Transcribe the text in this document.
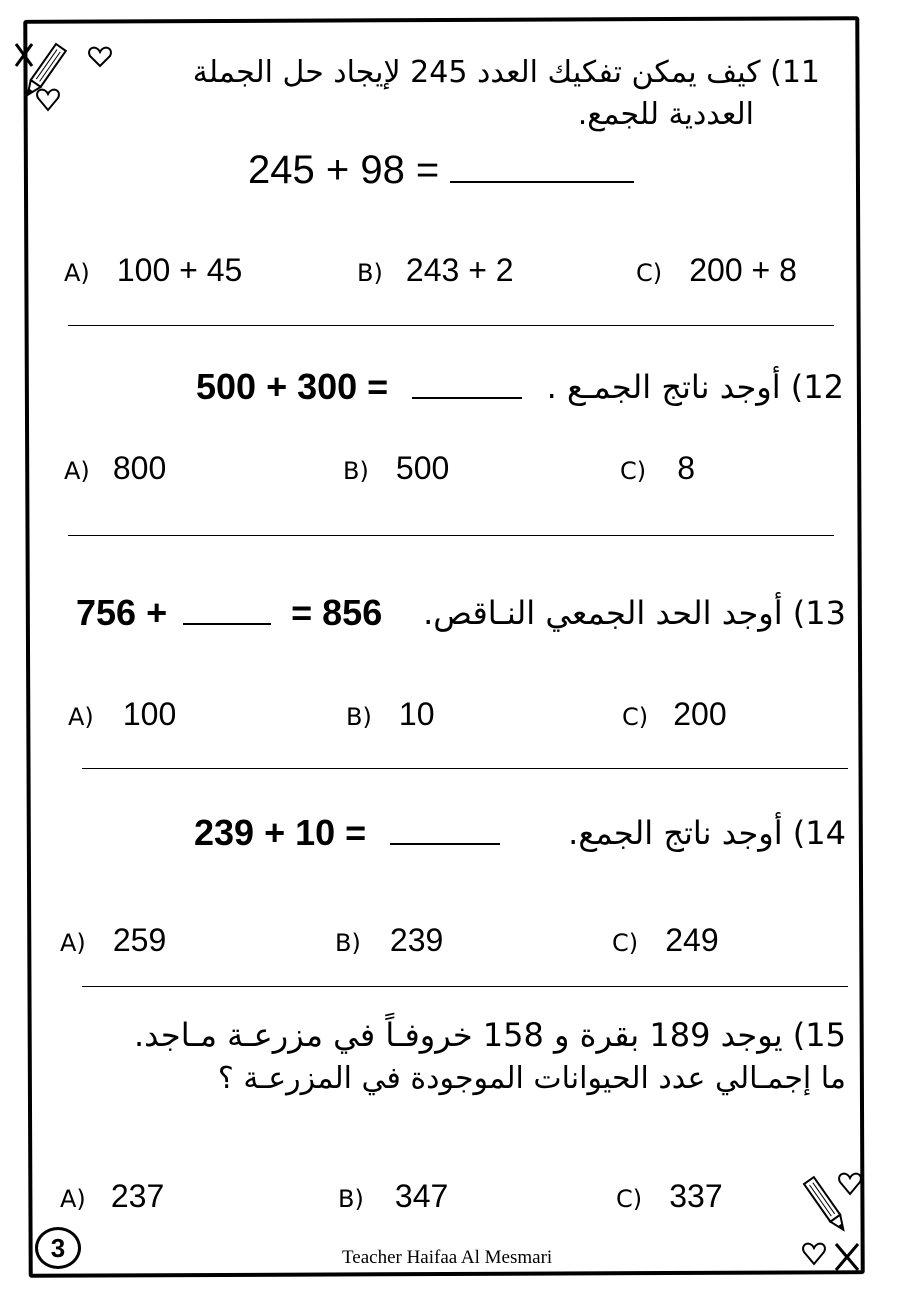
11) كيف يمكن تفكيك العدد 245 لإيجاد حل الجملة
العددية للجمع.
245 + 98 =
A) 100 + 45	B) 243 + 2	C) 200 + 8
12) أوجد ناتج الجمـع .
500 + 300 =
A) 800	B) 500	C) 8
13) أوجد الحد الجمعي النـاقص.
756 +	= 856
A) 100	B) 10	C) 200
14) أوجد ناتج الجمع.
239 + 10 =
A) 259	B) 239	C) 249
15) يوجد 189 بقرة و 158 خروفـاً في مزرعـة مـاجد.
ما إجمـالي عدد الحيوانات الموجودة في المزرعـة ؟
A) 237	B) 347	C) 337
3	Teacher Haifaa Al Mesmari
